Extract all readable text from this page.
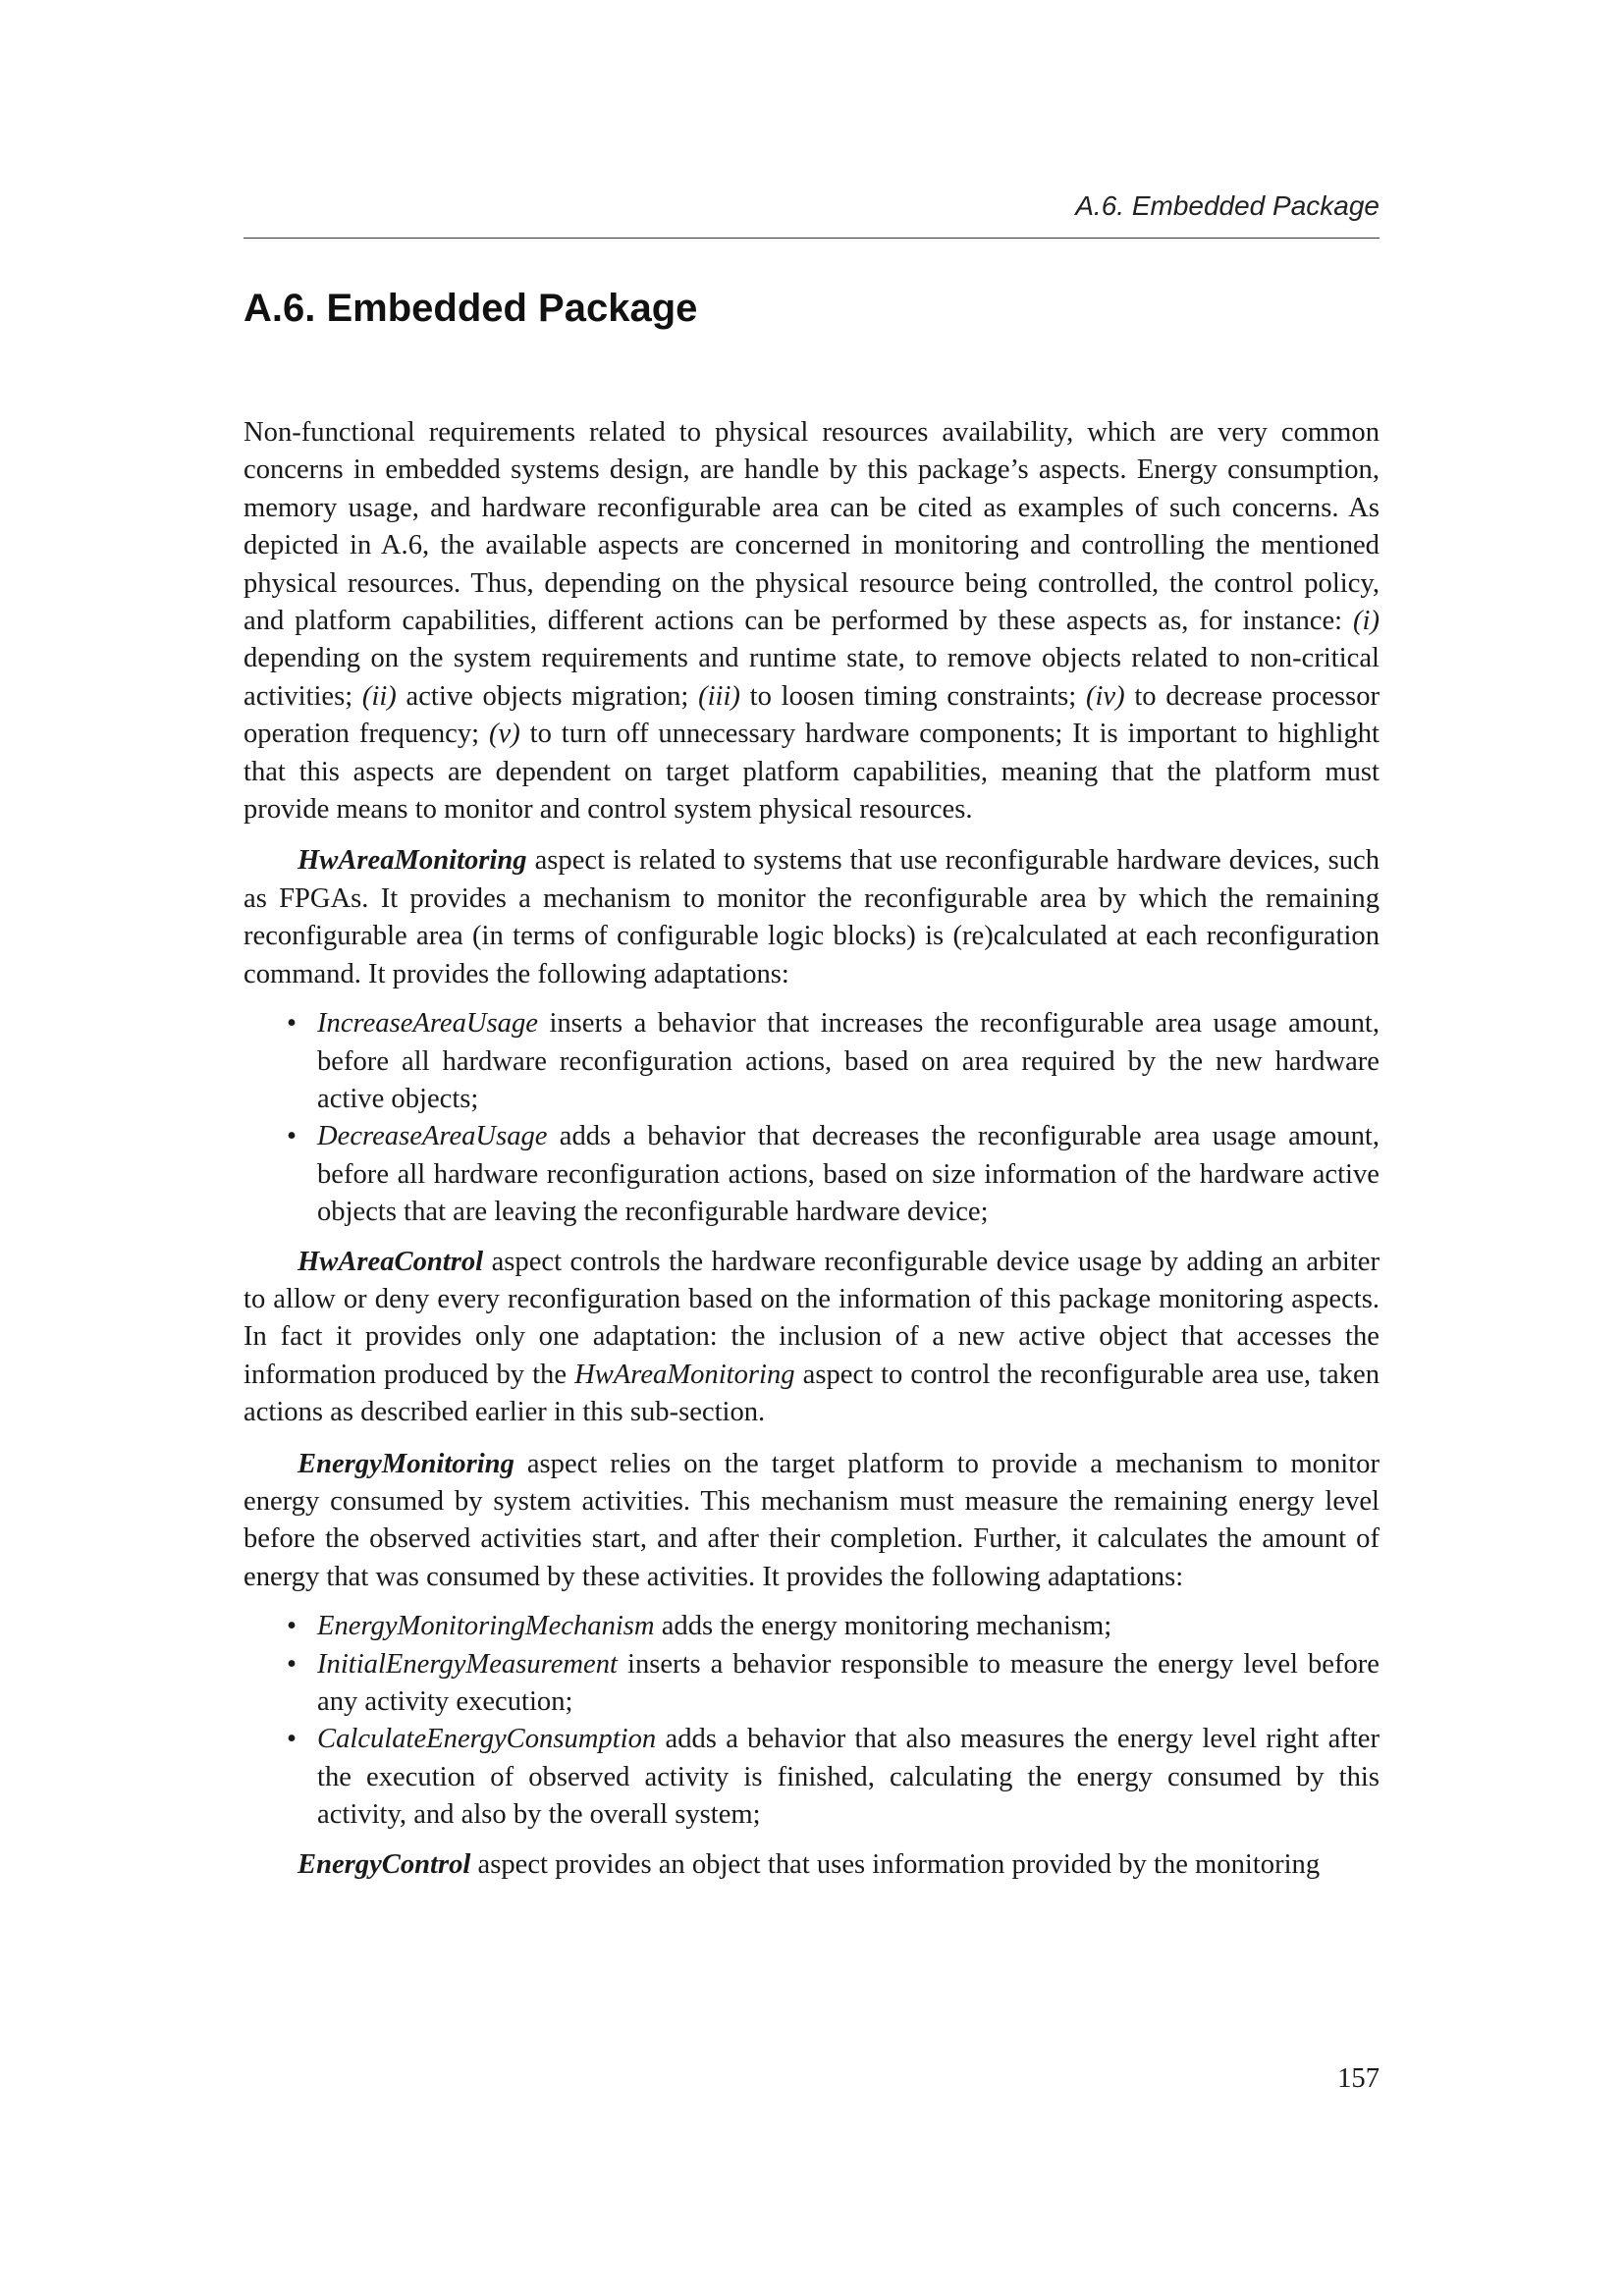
A.6. Embedded Package
A.6. Embedded Package

Non-functional requirements related to physical resources availability, which are very common concerns in embedded systems design, are handle by this package’s aspects. Energy consumption, memory usage, and hardware reconfigurable area can be cited as examples of such concerns. As depicted in A.6, the available aspects are concerned in monitoring and controlling the mentioned physical resources. Thus, depending on the physical resource being controlled, the control policy, and platform capabilities, different actions can be performed by these aspects as, for instance: (i) depending on the system requirements and runtime state, to remove objects related to non-critical activities; (ii) active objects migration; (iii) to loosen timing constraints; (iv) to decrease processor operation frequency; (v) to turn off unnecessary hardware components; It is important to highlight that this aspects are dependent on target platform capabilities, meaning that the platform must provide means to monitor and control system physical resources.

HwAreaMonitoring aspect is related to systems that use reconfigurable hardware devices, such as FPGAs. It provides a mechanism to monitor the reconfigurable area by which the remaining reconfigurable area (in terms of configurable logic blocks) is (re)calculated at each reconfiguration command. It provides the following adaptations:

• IncreaseAreaUsage inserts a behavior that increases the reconfigurable area usage amount, before all hardware reconfiguration actions, based on area required by the new hardware active objects;
• DecreaseAreaUsage adds a behavior that decreases the reconfigurable area usage amount, before all hardware reconfiguration actions, based on size information of the hardware active objects that are leaving the reconfigurable hardware device;

HwAreaControl aspect controls the hardware reconfigurable device usage by adding an arbiter to allow or deny every reconfiguration based on the information of this package monitoring aspects. In fact it provides only one adaptation: the inclusion of a new active object that accesses the information produced by the HwAreaMonitoring aspect to control the reconfigurable area use, taken actions as described earlier in this sub-section.

EnergyMonitoring aspect relies on the target platform to provide a mechanism to monitor energy consumed by system activities. This mechanism must measure the remaining energy level before the observed activities start, and after their completion. Further, it calculates the amount of energy that was consumed by these activities. It provides the following adaptations:

• EnergyMonitoringMechanism adds the energy monitoring mechanism;
• InitialEnergyMeasurement inserts a behavior responsible to measure the energy level before any activity execution;
• CalculateEnergyConsumption adds a behavior that also measures the energy level right after the execution of observed activity is finished, calculating the energy consumed by this activity, and also by the overall system;

EnergyControl aspect provides an object that uses information provided by the monitoring

157
